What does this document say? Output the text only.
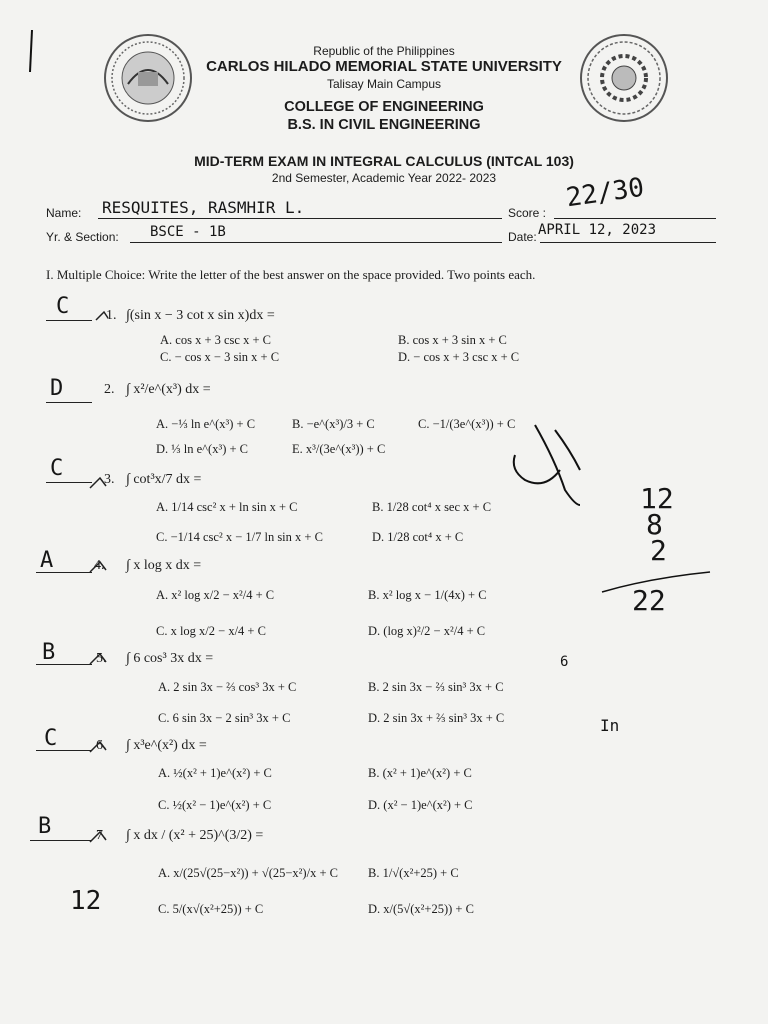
Republic of the Philippines
CARLOS HILADO MEMORIAL STATE UNIVERSITY
Talisay Main Campus
COLLEGE OF ENGINEERING
B.S. IN CIVIL ENGINEERING
MID-TERM EXAM IN INTEGRAL CALCULUS (INTCAL 103)
2nd Semester, Academic Year 2022- 2023
Name: RESQUITES, RASMHIR L.	Score : 22/30
Yr. & Section: BSCE - 1B	Date: APRIL 12, 2023
I. Multiple Choice: Write the letter of the best answer on the space provided. Two points each.
C	1. ∫(sin x − 3 cot x sin x)dx =
A. cos x + 3 csc x + C	B. cos x + 3 sin x + C
C. − cos x − 3 sin x + C	D. − cos x + 3 csc x + C
D	2. ∫ x²/e^(x³) dx =
A. −⅓ ln e^(x³) + C	B. −e^(x³)/3 + C	C. −1/(3e^(x³)) + C
D. ⅓ ln e^(x³) + C	E. x³/(3e^(x³)) + C
C	3. ∫ cot³x/7 dx =
A. 1/14 csc² x + ln sin x + C	B. 1/28 cot⁴ x sec x + C
C. −1/14 csc² x − 1/7 ln sin x + C	D. 1/28 cot⁴ x + C
A	4. ∫ x log x dx =
A. x² log x/2 − x²/4 + C	B. x² log x − 1/(4x) + C
C. x log x/2 − x/4 + C	D. (log x)²/2 − x²/4 + C
B	5. ∫ 6 cos³ 3x dx =
A. 2 sin 3x − ⅔ cos³ 3x + C	B. 2 sin 3x − ⅔ sin³ 3x + C
C. 6 sin 3x − 2 sin³ 3x + C	D. 2 sin 3x + ⅔ sin³ 3x + C
C	6. ∫ x³e^(x²) dx =
A. ½(x² + 1)e^(x²) + C	B. (x² + 1)e^(x²) + C
C. ½(x² − 1)e^(x²) + C	D. (x² − 1)e^(x²) + C
B	7. ∫ x dx / (x² + 25)^(3/2) =
A. x/(25√(25−x²)) + √(25−x²)/x + C B. 1/√(x²+25) + C
C. 5/(x√(x²+25)) + C	D. x/(5√(x²+25)) + C
12
8
2
22
6
In
12
